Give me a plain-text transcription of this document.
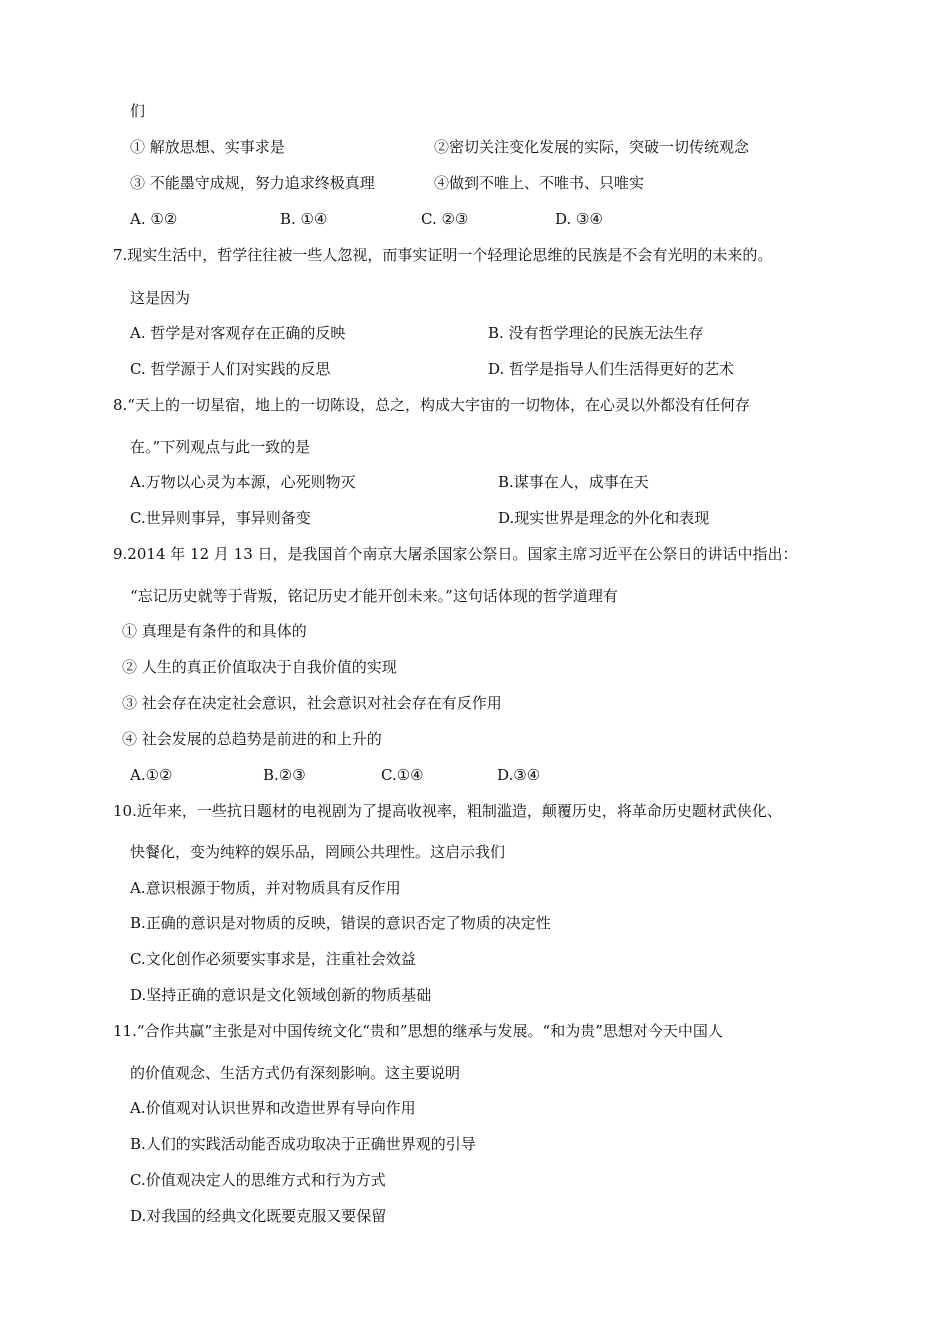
们
① 解放思想、实事求是	②密切关注变化发展的实际，突破一切传统观念
③ 不能墨守成规，努力追求终极真理	④做到不唯上、不唯书、只唯实
A. ①②	B. ①④	C. ②③	D. ③④
7.现实生活中，哲学往往被一些人忽视，而事实证明一个轻理论思维的民族是不会有光明的未来的。
这是因为
A. 哲学是对客观存在正确的反映	B. 没有哲学理论的民族无法生存
C. 哲学源于人们对实践的反思	D. 哲学是指导人们生活得更好的艺术
8.“天上的一切星宿，地上的一切陈设，总之，构成大宇宙的一切物体，在心灵以外都没有任何存
在。”下列观点与此一致的是
A.万物以心灵为本源，心死则物灭	B.谋事在人，成事在天
C.世异则事异，事异则备变	D.现实世界是理念的外化和表现
9.2014 年 12 月 13 日，是我国首个南京大屠杀国家公祭日。国家主席习近平在公祭日的讲话中指出：
“忘记历史就等于背叛，铭记历史才能开创未来。”这句话体现的哲学道理有
① 真理是有条件的和具体的
② 人生的真正价值取决于自我价值的实现
③ 社会存在决定社会意识，社会意识对社会存在有反作用
④ 社会发展的总趋势是前进的和上升的
A.①②	B.②③	C.①④	D.③④
10.近年来，一些抗日题材的电视剧为了提高收视率，粗制滥造，颠覆历史，将革命历史题材武侠化、
快餐化，变为纯粹的娱乐品，罔顾公共理性。这启示我们
A.意识根源于物质，并对物质具有反作用
B.正确的意识是对物质的反映，错误的意识否定了物质的决定性
C.文化创作必须要实事求是，注重社会效益
D.坚持正确的意识是文化领域创新的物质基础
11.“合作共赢”主张是对中国传统文化“贵和”思想的继承与发展。“和为贵”思想对今天中国人
的价值观念、生活方式仍有深刻影响。这主要说明
A.价值观对认识世界和改造世界有导向作用
B.人们的实践活动能否成功取决于正确世界观的引导
C.价值观决定人的思维方式和行为方式
D.对我国的经典文化既要克服又要保留
